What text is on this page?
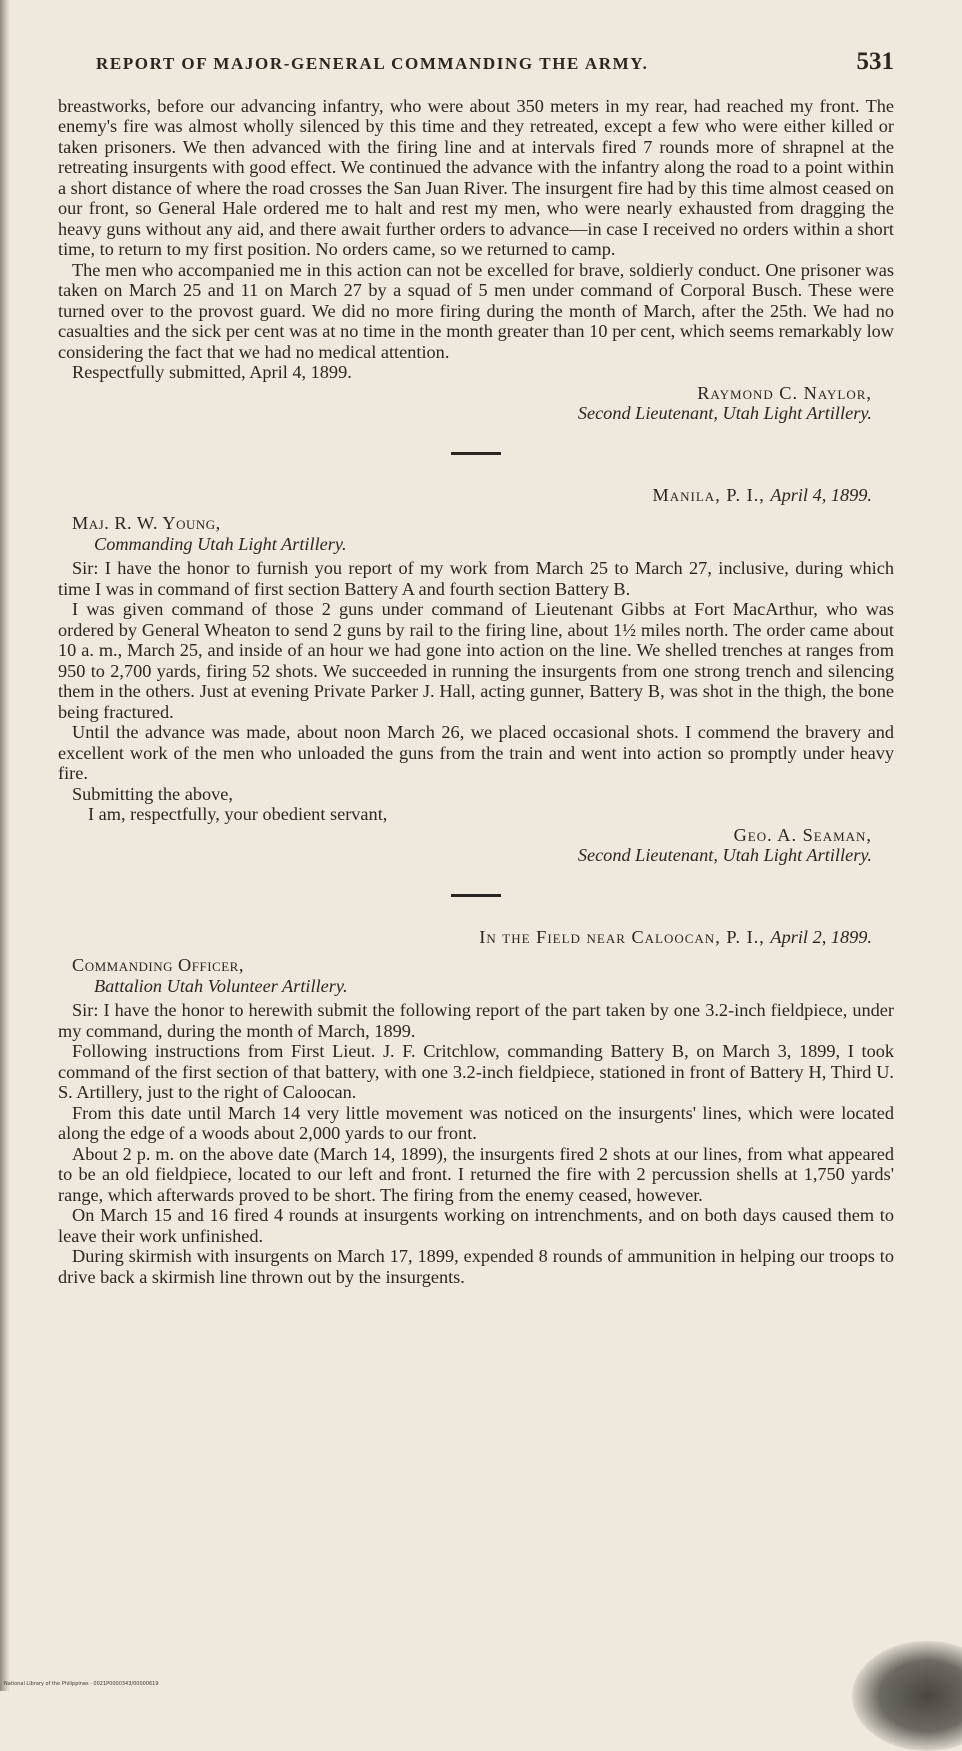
REPORT OF MAJOR-GENERAL COMMANDING THE ARMY.	531

breastworks, before our advancing infantry, who were about 350 meters in my rear, had reached my front. The enemy's fire was almost wholly silenced by this time and they retreated, except a few who were either killed or taken prisoners. We then advanced with the firing line and at intervals fired 7 rounds more of shrapnel at the retreating insurgents with good effect. We continued the advance with the infantry along the road to a point within a short distance of where the road crosses the San Juan River. The insurgent fire had by this time almost ceased on our front, so General Hale ordered me to halt and rest my men, who were nearly exhausted from dragging the heavy guns without any aid, and there await further orders to advance—in case I received no orders within a short time, to return to my first position. No orders came, so we returned to camp.

The men who accompanied me in this action can not be excelled for brave, soldierly conduct. One prisoner was taken on March 25 and 11 on March 27 by a squad of 5 men under command of Corporal Busch. These were turned over to the provost guard. We did no more firing during the month of March, after the 25th. We had no casualties and the sick per cent was at no time in the month greater than 10 per cent, which seems remarkably low considering the fact that we had no medical attention.

Respectfully submitted, April 4, 1899.

Raymond C. Naylor,

Second Lieutenant, Utah Light Artillery.

Manila, P. I., April 4, 1899.

Maj. R. W. Young,

Commanding Utah Light Artillery.

Sir: I have the honor to furnish you report of my work from March 25 to March 27, inclusive, during which time I was in command of first section Battery A and fourth section Battery B.

I was given command of those 2 guns under command of Lieutenant Gibbs at Fort MacArthur, who was ordered by General Wheaton to send 2 guns by rail to the firing line, about 1½ miles north. The order came about 10 a. m., March 25, and inside of an hour we had gone into action on the line. We shelled trenches at ranges from 950 to 2,700 yards, firing 52 shots. We succeeded in running the insurgents from one strong trench and silencing them in the others. Just at evening Private Parker J. Hall, acting gunner, Battery B, was shot in the thigh, the bone being fractured.

Until the advance was made, about noon March 26, we placed occasional shots. I commend the bravery and excellent work of the men who unloaded the guns from the train and went into action so promptly under heavy fire.

Submitting the above,

I am, respectfully, your obedient servant,

Geo. A. Seaman,

Second Lieutenant, Utah Light Artillery.

In the Field near Caloocan, P. I., April 2, 1899.

Commanding Officer,

Battalion Utah Volunteer Artillery.

Sir: I have the honor to herewith submit the following report of the part taken by one 3.2-inch fieldpiece, under my command, during the month of March, 1899.

Following instructions from First Lieut. J. F. Critchlow, commanding Battery B, on March 3, 1899, I took command of the first section of that battery, with one 3.2-inch fieldpiece, stationed in front of Battery H, Third U. S. Artillery, just to the right of Caloocan.

From this date until March 14 very little movement was noticed on the insurgents' lines, which were located along the edge of a woods about 2,000 yards to our front.

About 2 p. m. on the above date (March 14, 1899), the insurgents fired 2 shots at our lines, from what appeared to be an old fieldpiece, located to our left and front. I returned the fire with 2 percussion shells at 1,750 yards' range, which afterwards proved to be short. The firing from the enemy ceased, however.

On March 15 and 16 fired 4 rounds at insurgents working on intrenchments, and on both days caused them to leave their work unfinished.

During skirmish with insurgents on March 17, 1899, expended 8 rounds of ammunition in helping our troops to drive back a skirmish line thrown out by the insurgents.

National Library of the Philippines · 0021P0000343/00000619
